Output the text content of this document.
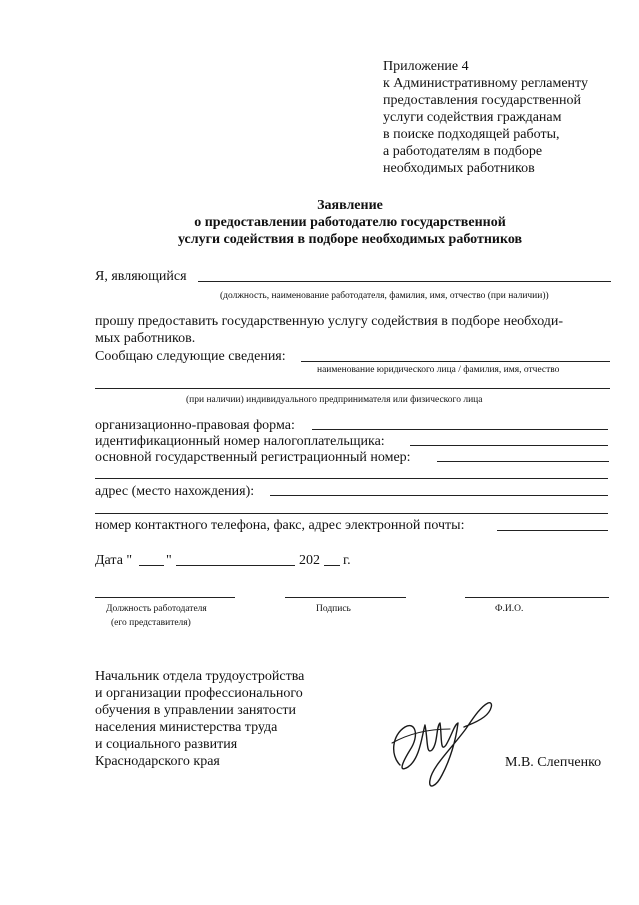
Приложение 4
к Административному регламенту
предоставления государственной
услуги содействия гражданам
в поиске подходящей работы,
а работодателям в подборе
необходимых работников
Заявление
о предоставлении работодателю государственной
услуги содействия в подборе необходимых работников
Я, являющийся
(должность, наименование работодателя, фамилия, имя, отчество (при наличии))
прошу предоставить государственную услугу содействия в подборе необходи-
мых работников.
Сообщаю следующие сведения:
наименование юридического лица / фамилия, имя, отчество
(при наличии) индивидуального предпринимателя или физического лица
организационно-правовая форма:
идентификационный номер налогоплательщика:
основной государственный регистрационный номер:
адрес (место нахождения):
номер контактного телефона, факс, адрес электронной почты:
Дата " "	202 г.
Должность работодателя
(его представителя)
Подпись	Ф.И.О.
Начальник отдела трудоустройства
и организации профессионального
обучения в управлении занятости
населения министерства труда
и социального развития
Краснодарского края	М.В. Слепченко
